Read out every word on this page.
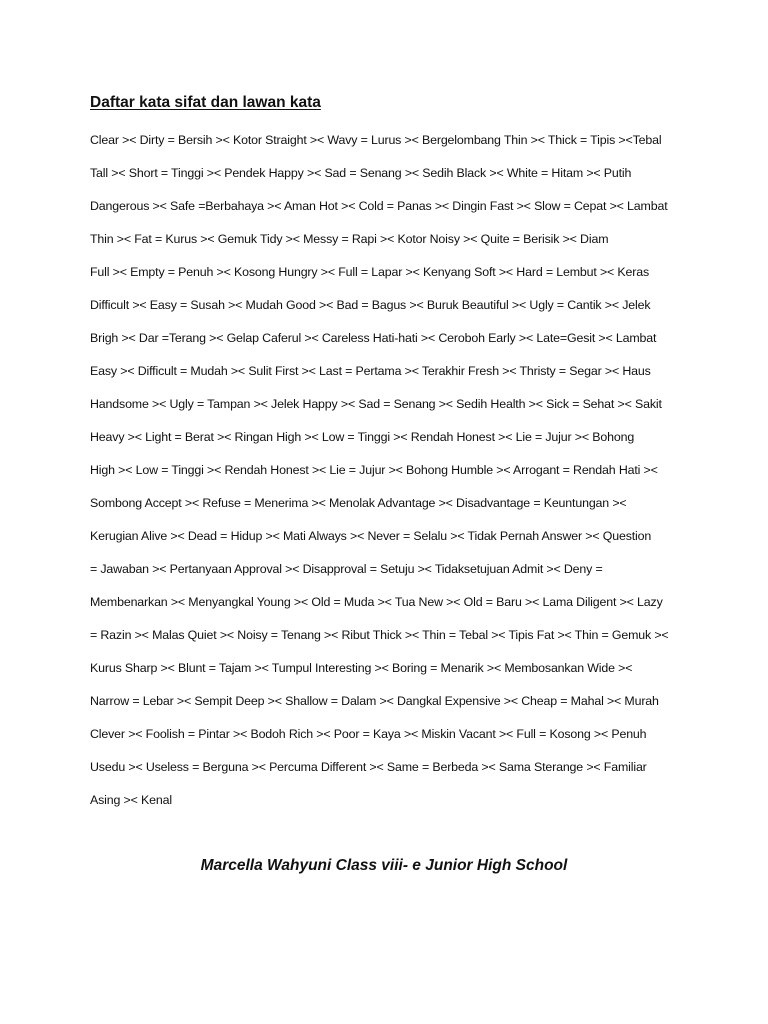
Daftar kata sifat dan lawan kata
Clear >< Dirty = Bersih >< Kotor Straight >< Wavy = Lurus >< Bergelombang Thin >< Thick = Tipis ><Tebal
Tall >< Short = Tinggi >< Pendek Happy >< Sad = Senang >< Sedih Black >< White = Hitam >< Putih
Dangerous >< Safe =Berbahaya >< Aman Hot >< Cold = Panas >< Dingin Fast >< Slow = Cepat >< Lambat
Thin >< Fat = Kurus >< Gemuk Tidy >< Messy = Rapi >< Kotor Noisy >< Quite = Berisik >< Diam
Full >< Empty = Penuh >< Kosong Hungry >< Full = Lapar >< Kenyang Soft >< Hard = Lembut >< Keras
Difficult >< Easy = Susah >< Mudah Good >< Bad = Bagus >< Buruk Beautiful >< Ugly = Cantik >< Jelek
Brigh >< Dar =Terang >< Gelap Caferul >< Careless Hati-hati >< Ceroboh Early >< Late=Gesit >< Lambat
Easy >< Difficult = Mudah >< Sulit First >< Last = Pertama >< Terakhir Fresh >< Thristy = Segar >< Haus
Handsome >< Ugly = Tampan >< Jelek Happy >< Sad = Senang >< Sedih Health >< Sick = Sehat >< Sakit
Heavy >< Light = Berat >< Ringan High >< Low = Tinggi >< Rendah Honest >< Lie = Jujur >< Bohong
High >< Low = Tinggi >< Rendah Honest >< Lie = Jujur >< Bohong Humble >< Arrogant = Rendah Hati ><
Sombong Accept >< Refuse = Menerima >< Menolak Advantage >< Disadvantage = Keuntungan ><
Kerugian Alive >< Dead = Hidup >< Mati Always >< Never = Selalu >< Tidak Pernah Answer >< Question
= Jawaban >< Pertanyaan Approval >< Disapproval = Setuju >< Tidaksetujuan Admit >< Deny =
Membenarkan >< Menyangkal Young >< Old = Muda >< Tua New >< Old = Baru >< Lama Diligent >< Lazy
= Razin >< Malas Quiet >< Noisy = Tenang >< Ribut Thick >< Thin = Tebal >< Tipis Fat >< Thin = Gemuk ><
Kurus Sharp >< Blunt = Tajam >< Tumpul Interesting >< Boring = Menarik >< Membosankan Wide ><
Narrow = Lebar >< Sempit Deep >< Shallow = Dalam >< Dangkal Expensive >< Cheap = Mahal >< Murah
Clever >< Foolish = Pintar >< Bodoh Rich >< Poor = Kaya >< Miskin Vacant >< Full = Kosong >< Penuh
Usedu >< Useless = Berguna >< Percuma Different >< Same = Berbeda >< Sama Sterange >< Familiar
Asing >< Kenal
Marcella Wahyuni Class viii- e Junior High School
